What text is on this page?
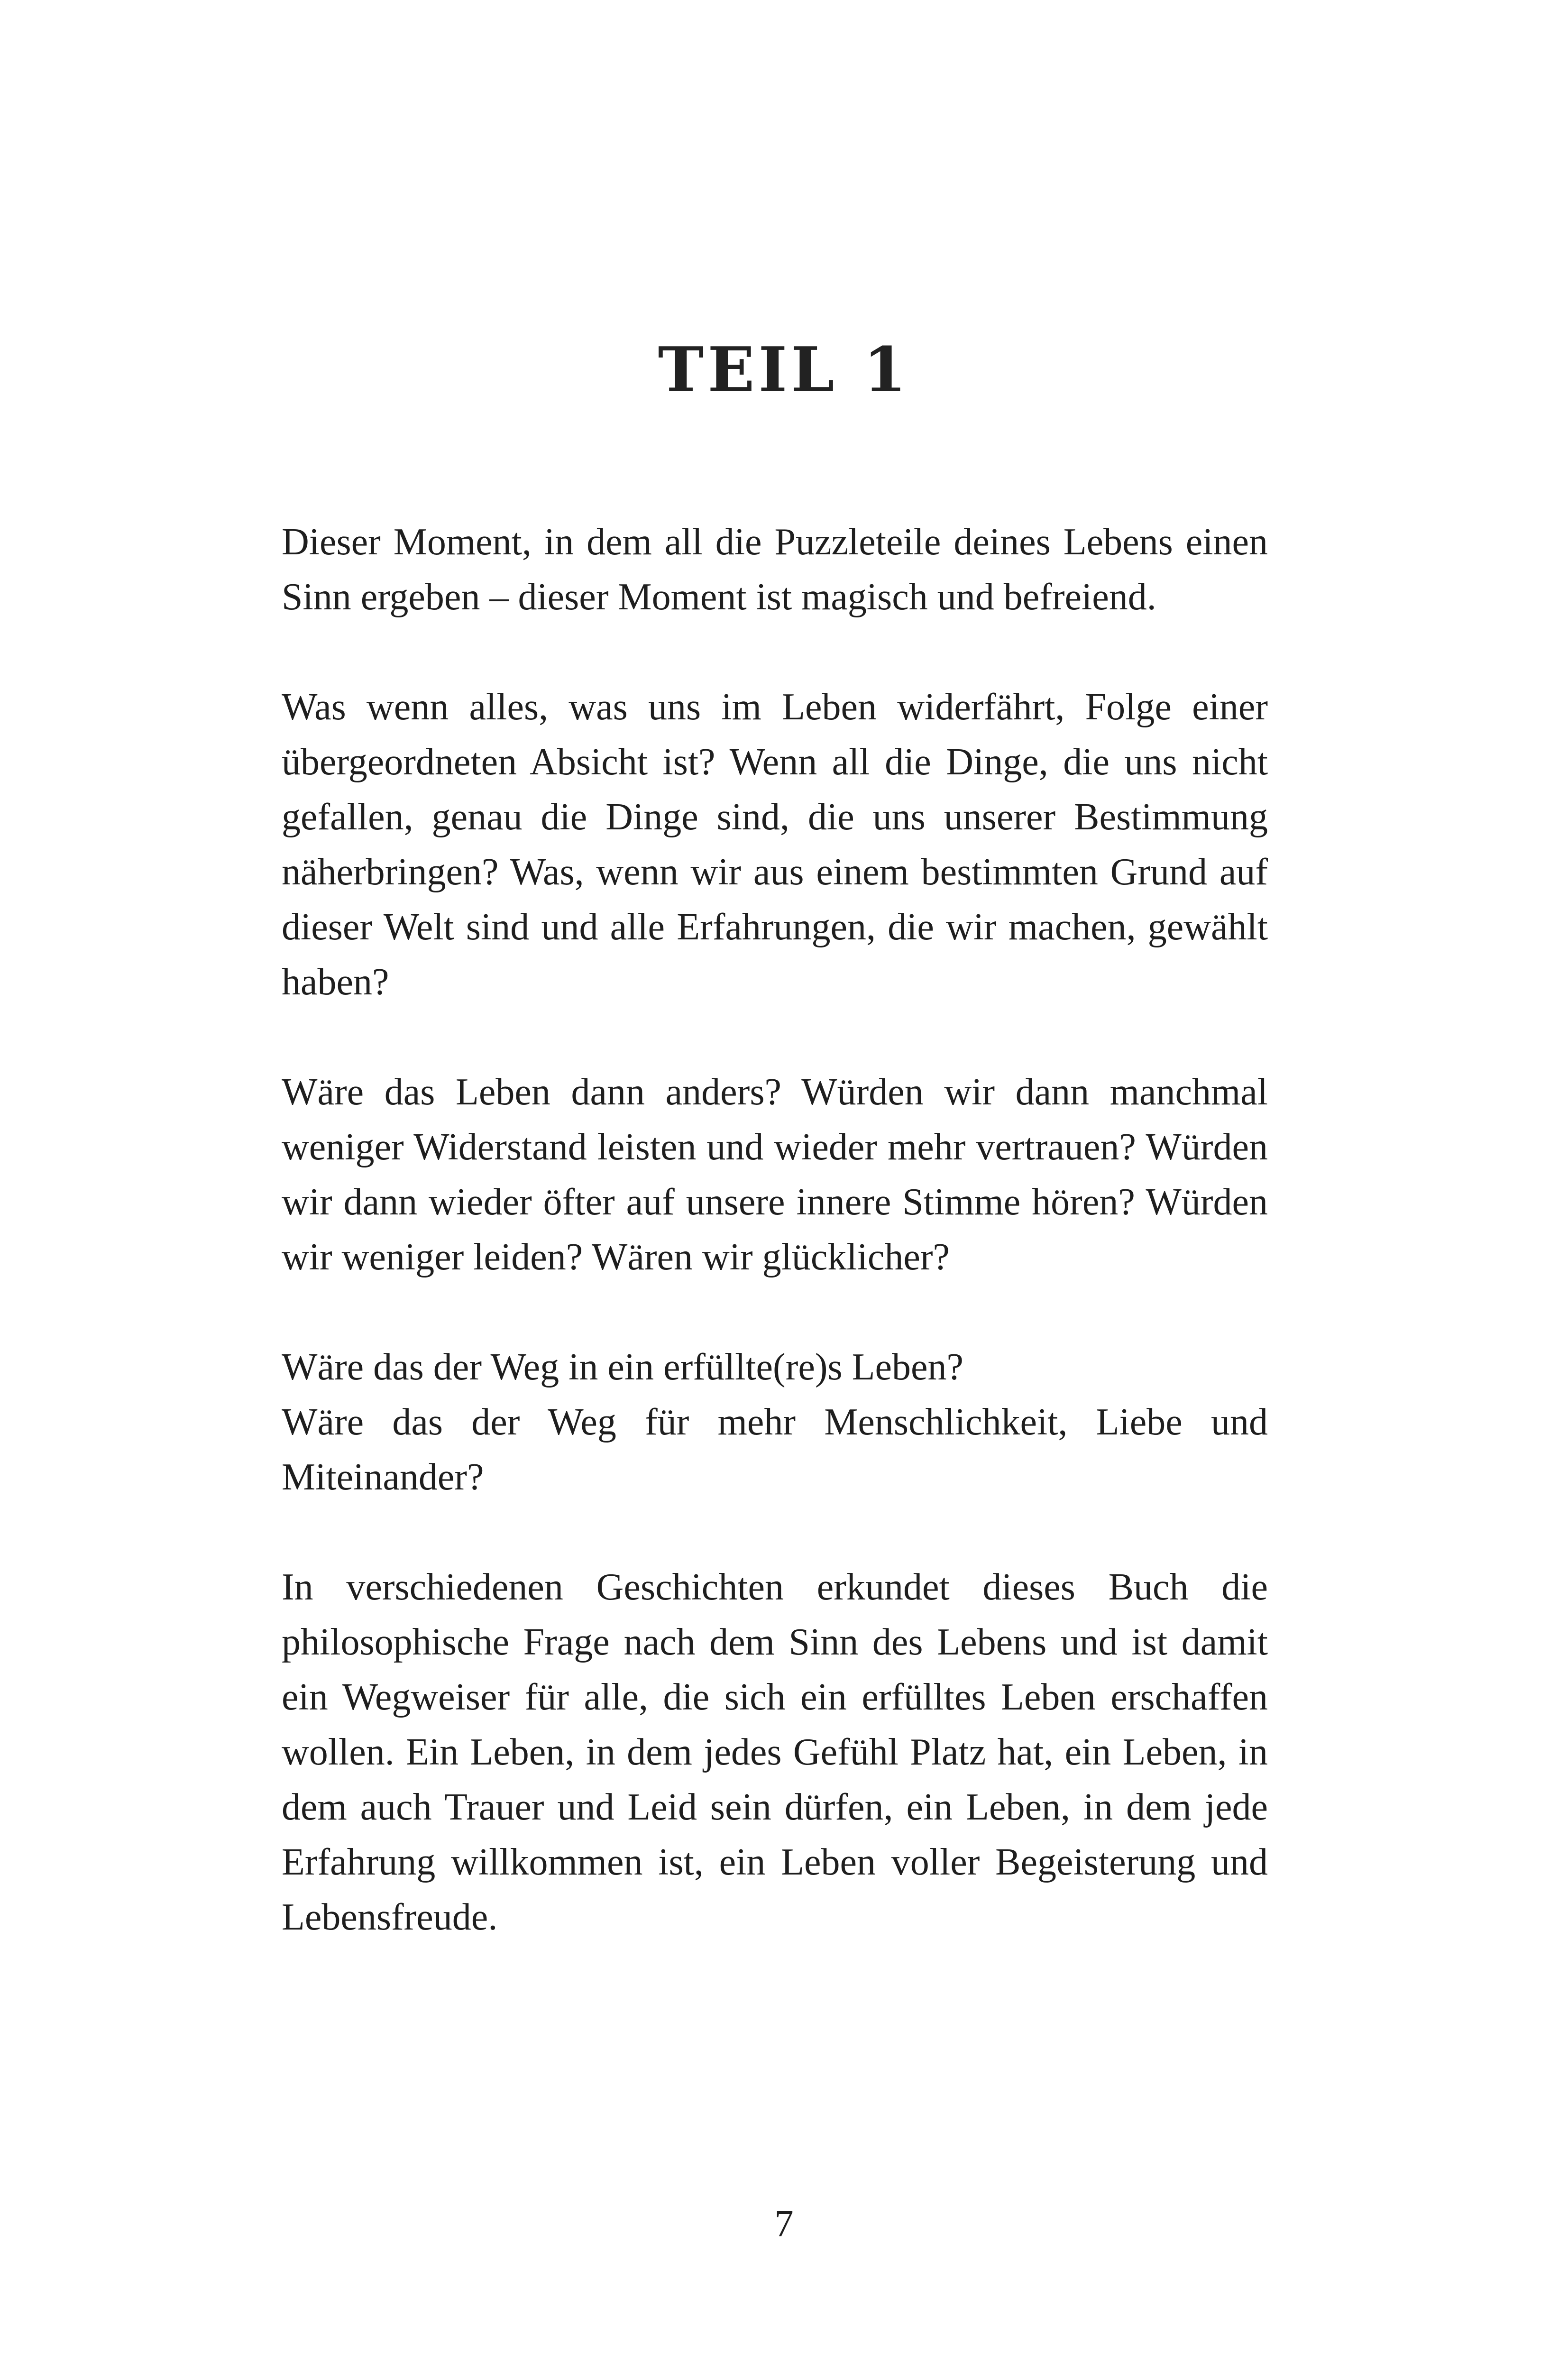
TEIL 1

Dieser Moment, in dem all die Puzzleteile deines Lebens einen Sinn ergeben – dieser Moment ist magisch und befreiend.

Was wenn alles, was uns im Leben widerfährt, Folge einer übergeordneten Absicht ist? Wenn all die Dinge, die uns nicht gefallen, genau die Dinge sind, die uns unserer Bestimmung näherbringen? Was, wenn wir aus einem bestimmten Grund auf dieser Welt sind und alle Erfahrungen, die wir machen, gewählt haben?

Wäre das Leben dann anders? Würden wir dann manchmal weniger Widerstand leisten und wieder mehr vertrauen? Würden wir dann wieder öfter auf unsere innere Stimme hören? Würden wir weniger leiden? Wären wir glücklicher?

Wäre das der Weg in ein erfüllte(re)s Leben?
Wäre das der Weg für mehr Menschlichkeit, Liebe und Miteinander?

In verschiedenen Geschichten erkundet dieses Buch die philosophische Frage nach dem Sinn des Lebens und ist damit ein Wegweiser für alle, die sich ein erfülltes Leben erschaffen wollen. Ein Leben, in dem jedes Gefühl Platz hat, ein Leben, in dem auch Trauer und Leid sein dürfen, ein Leben, in dem jede Erfahrung willkommen ist, ein Leben voller Begeisterung und Lebensfreude.

7
